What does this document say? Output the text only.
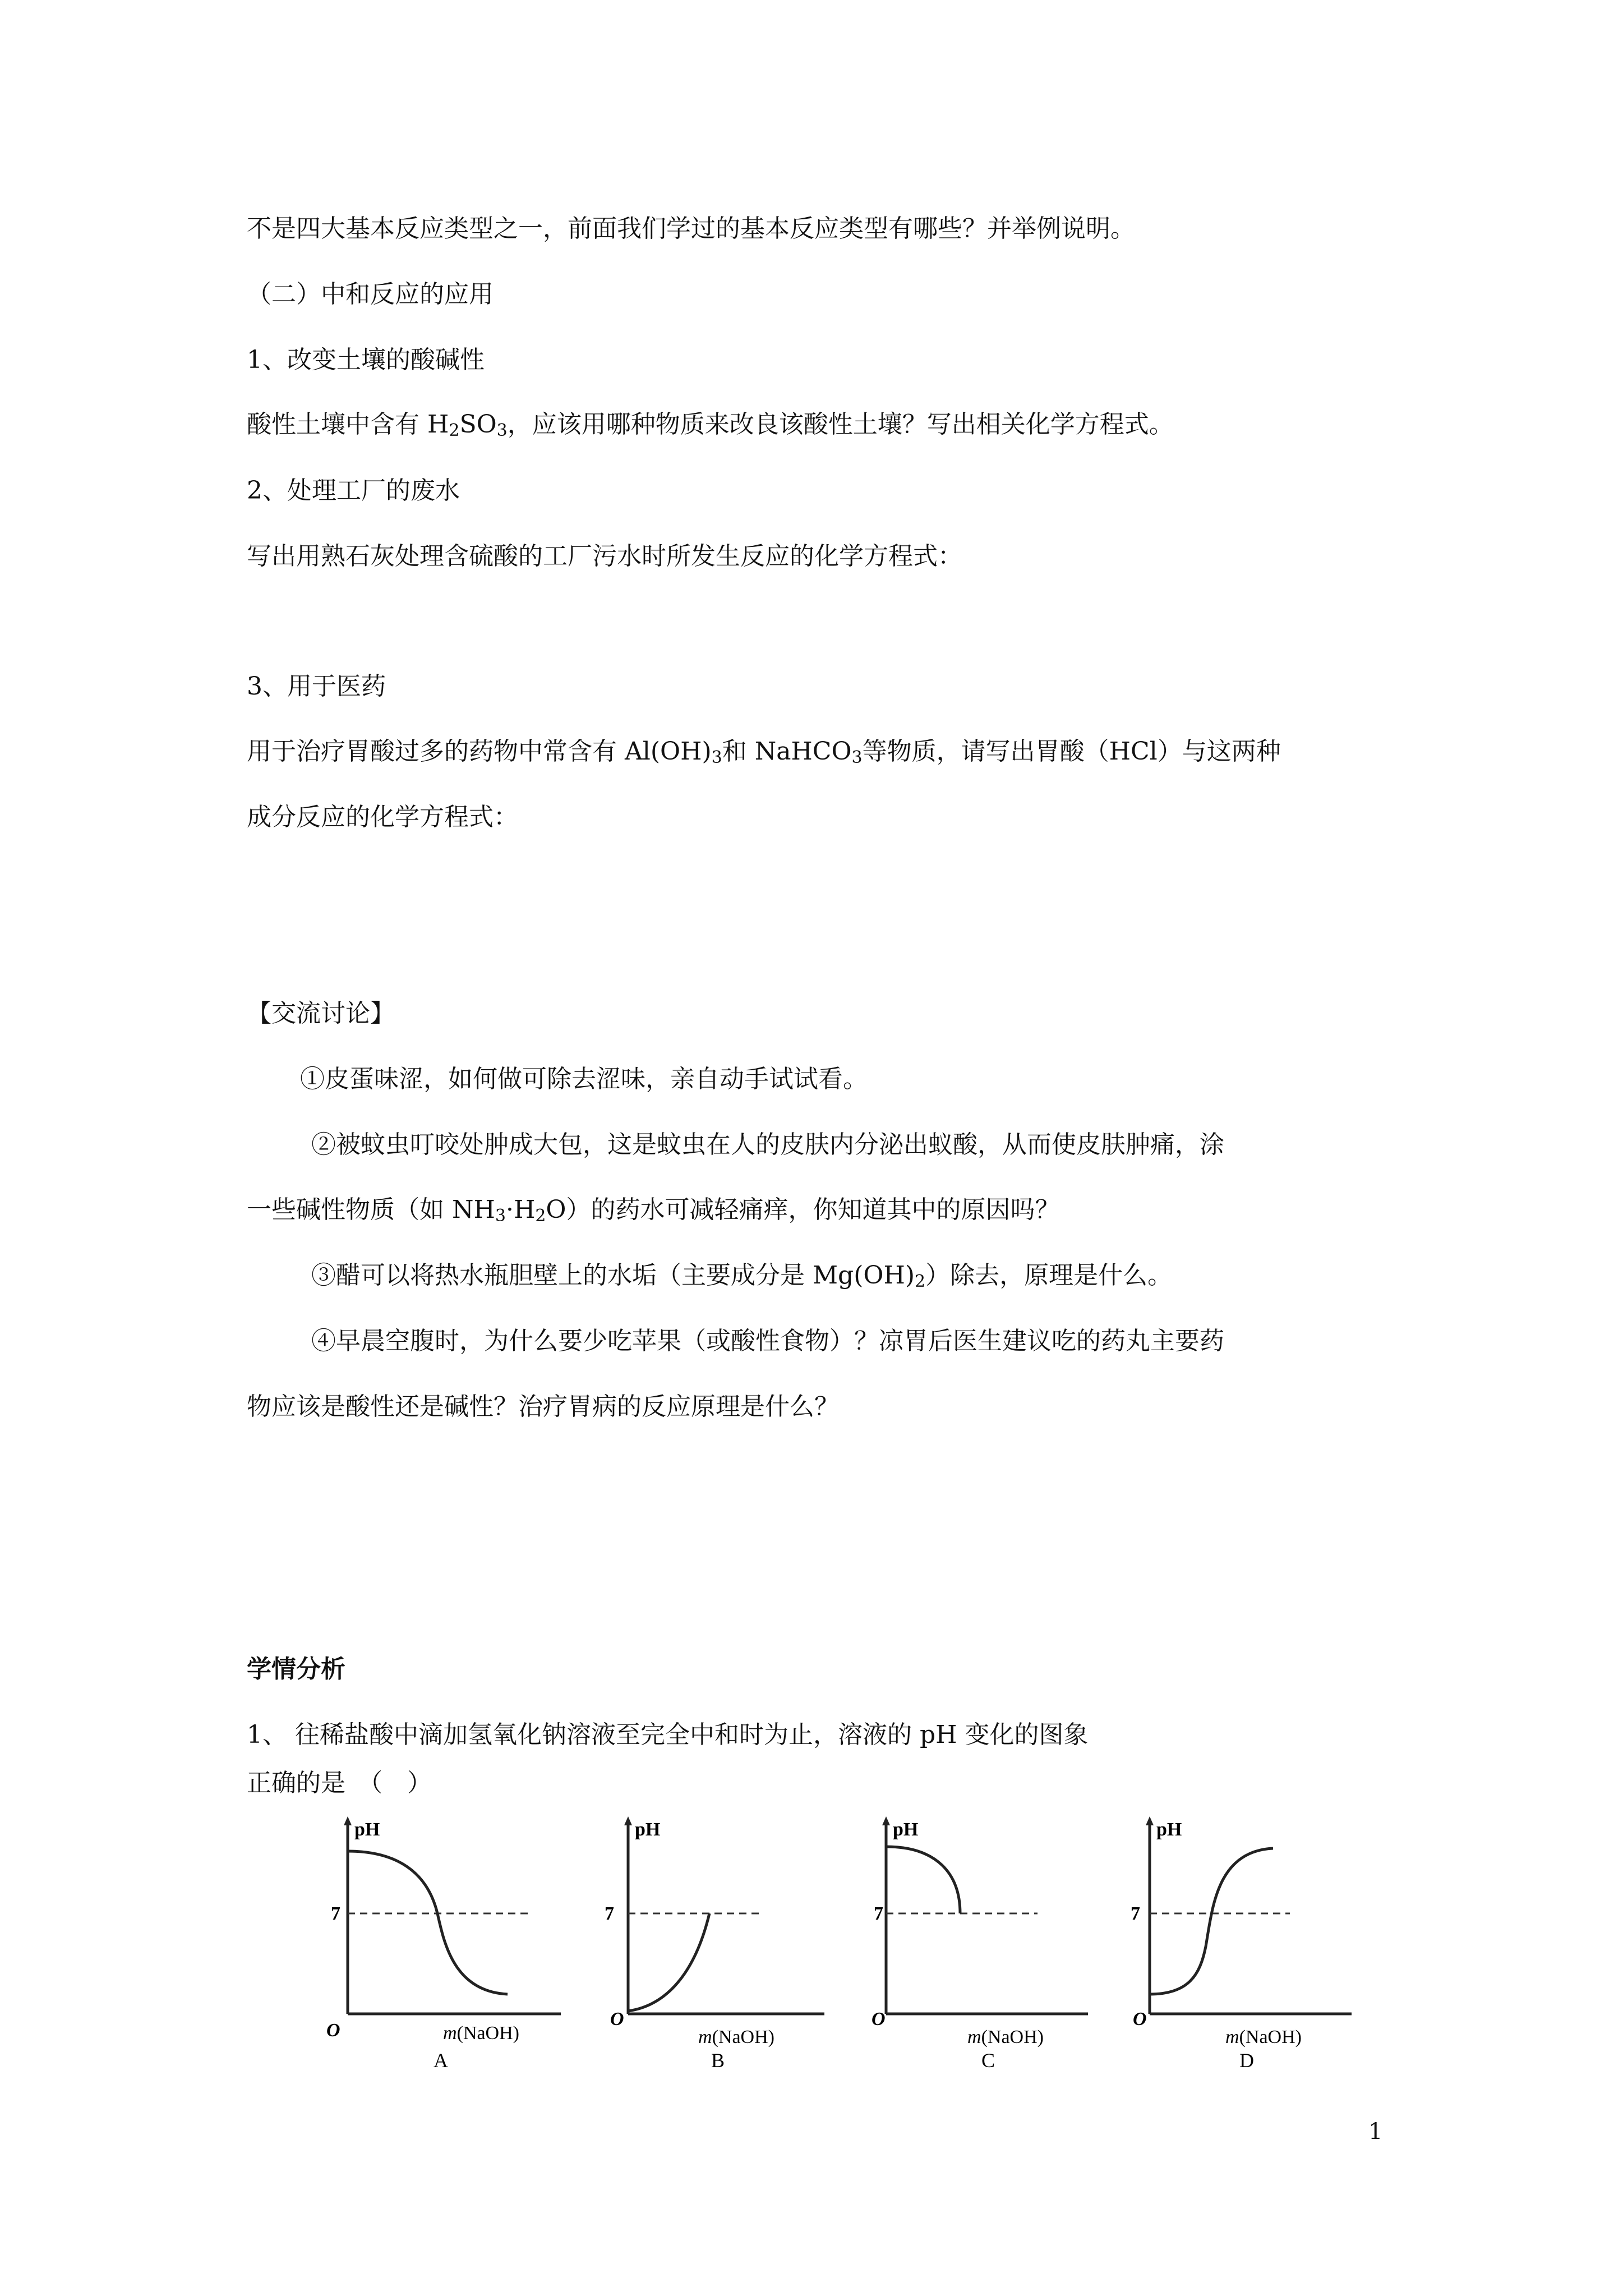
不是四大基本反应类型之一，前面我们学过的基本反应类型有哪些？并举例说明。
（二）中和反应的应用
1、改变土壤的酸碱性
酸性土壤中含有 $H_2SO_3$，应该用哪种物质来改良该酸性土壤？写出相关化学方程式。
2、处理工厂的废水
写出用熟石灰处理含硫酸的工厂污水时所发生反应的化学方程式：
3、用于医药
用于治疗胃酸过多的药物中常含有 $Al(OH)_3$和 NaHCO$_3$等物质，请写出胃酸（HCl）与这两种
成分反应的化学方程式：
【交流讨论】
①皮蛋味涩，如何做可除去涩味，亲自动手试试看。
②被蚊虫叮咬处肿成大包，这是蚊虫在人的皮肤内分泌出蚁酸，从而使皮肤肿痛，涂
一些碱性物质（如 $NH_3\cdot H_2O$）的药水可减轻痛痒，你知道其中的原因吗？
③醋可以将热水瓶胆壁上的水垢（主要成分是 $Mg(OH)_2$）除去，原理是什么。
④早晨空腹时，为什么要少吃苹果（或酸性食物）？凉胃后医生建议吃的药丸主要药
物应该是酸性还是碱性？治疗胃病的反应原理是什么？
学情分析
1、 往稀盐酸中滴加氢氧化钠溶液至完全中和时为止，溶液的 pH 变化的图象
正确的是　（　）
pH
7
O	m(NaOH)
A
pH
7
O
m(NaOH)
B
pH
7
O
m(NaOH)
C
pH
7
O
m(NaOH)
D
1
